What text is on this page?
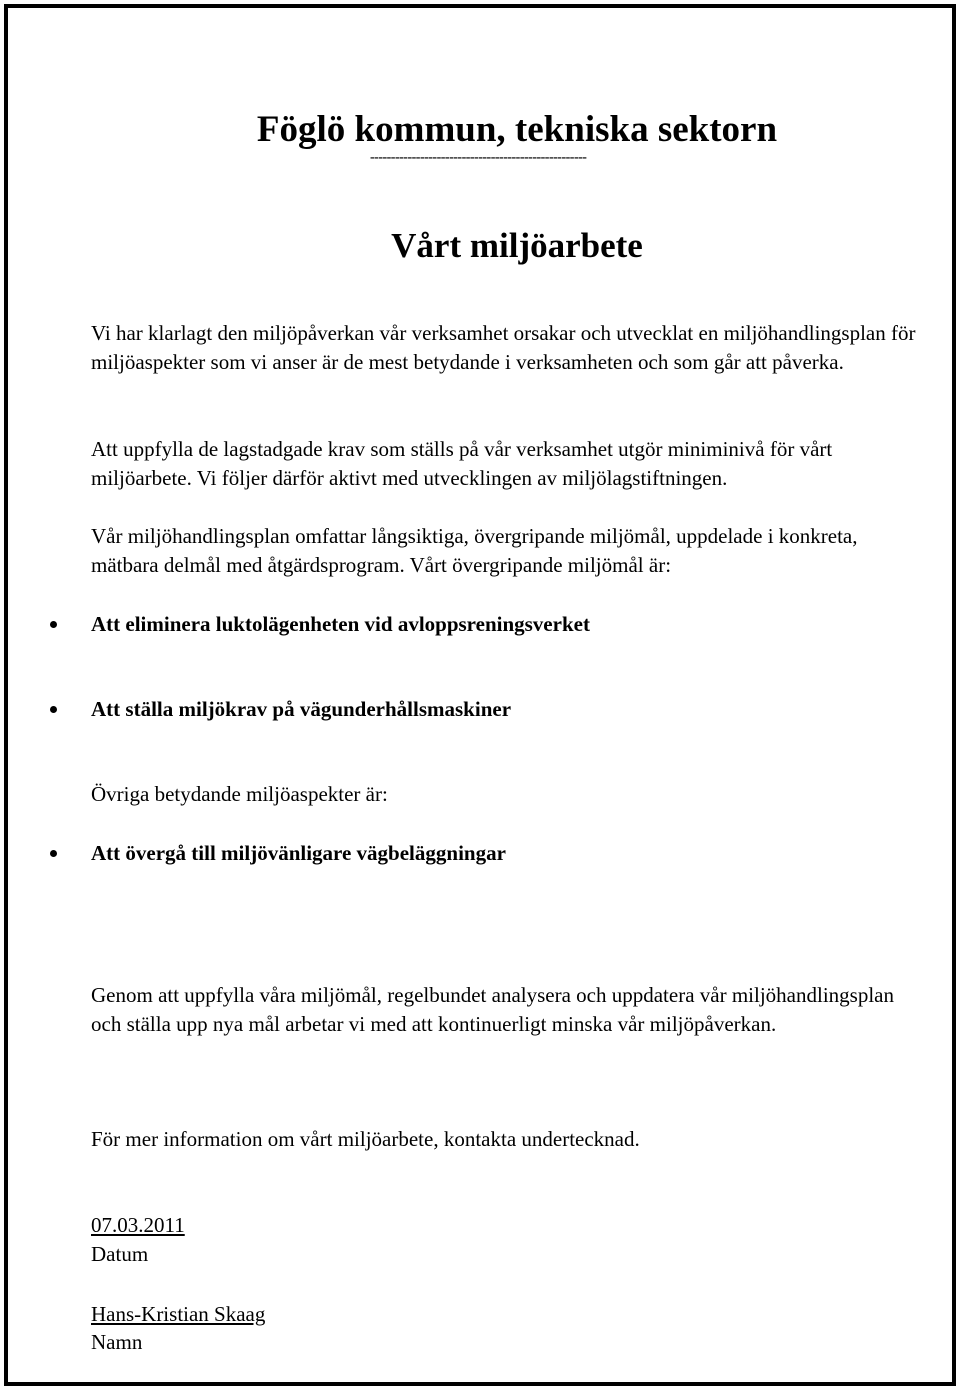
Föglö kommun, tekniska sektorn
----------------------------------------------------
Vårt miljöarbete

Vi har klarlagt den miljöpåverkan vår verksamhet orsakar och utvecklat en miljöhandlingsplan för miljöaspekter som vi anser är de mest betydande i verksamheten och som går att påverka.

Att uppfylla de lagstadgade krav som ställs på vår verksamhet utgör miniminivå för vårt miljöarbete. Vi följer därför aktivt med utvecklingen av miljölagstiftningen.

Vår miljöhandlingsplan omfattar långsiktiga, övergripande miljömål, uppdelade i konkreta, mätbara delmål med åtgärdsprogram. Vårt övergripande miljömål är:

Att eliminera luktolägenheten vid avloppsreningsverket
Att ställa miljökrav på vägunderhållsmaskiner

Övriga betydande miljöaspekter är:

Att övergå till miljövänligare vägbeläggningar

Genom att uppfylla våra miljömål, regelbundet analysera och uppdatera vår miljöhandlingsplan och ställa upp nya mål arbetar vi med att kontinuerligt minska vår miljöpåverkan.

För mer information om vårt miljöarbete, kontakta undertecknad.

07.03.2011

Datum

Hans-Kristian Skaag

Namn
